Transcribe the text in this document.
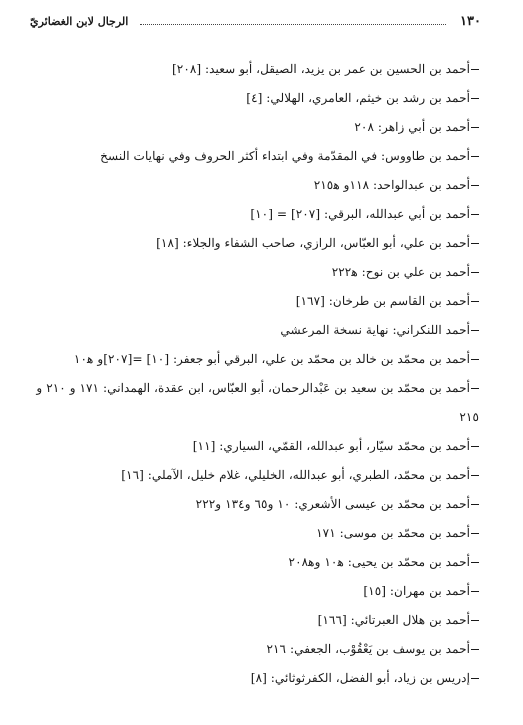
١٣٠
الرجال لابن الغضائريّ
أحمد بن الحسين بن عمر بن يزيد، الصيقل، أبو سعيد: [٢٠٨]
أحمد بن رشد بن خيثم، العامري، الهلالي: [٤]
أحمد بن أبي زاهر: ٢٠٨
أحمد بن طاووس: في المقدّمة وفي ابتداء أكثر الحروف وفي نهايات النسخ
أحمد بن عبدالواحد: ١١٨و ه‍٢١٥
أحمد بن أبي عبدالله، البرقي: [٢٠٧] = [١٠]
أحمد بن علي، أبو العبّاس، الرازي، صاحب الشفاء والجلاء: [١٨]
أحمد بن علي بن نوح: ه‍٢٢٢
أحمد بن القاسم بن طرخان: [١٦٧]
أحمد اللنكراني: نهاية نسخة المرعشي
أحمد بن محمّد بن خالد بن محمّد بن علي، البرقي أبو جعفر: [١٠] =[٢٠٧]و ه‍١٠
أحمد بن محمّد بن سعيد بن عَبْدالرحمان، أبو العبّاس، ابن عقدة، الهمداني: ١٧١ و ٢١٠ و ٢١٥
أحمد بن محمّد سيّار، أبو عبدالله، القمّي، السياري: [١١]
أحمد بن محمّد، الطبري، أبو عبدالله، الخليلي، غلام خليل، الآملي: [١٦]
أحمد بن محمّد بن عيسى الأشعري: ١٠ و٦٥ و١٣٤ و٢٢٢
أحمد بن محمّد بن موسى: ١٧١
أحمد بن محمّد بن يحيى: ه‍١٠ وه‍٢٠٨
أحمد بن مهران: [١٥]
أحمد بن هلال العبرتائي: [١٦٦]
أحمد بن يوسف بن يَعْقُوْب، الجعفي: ٢١٦
إدريس بن زياد، أبو الفضل، الكفرثوثائي: [٨]
